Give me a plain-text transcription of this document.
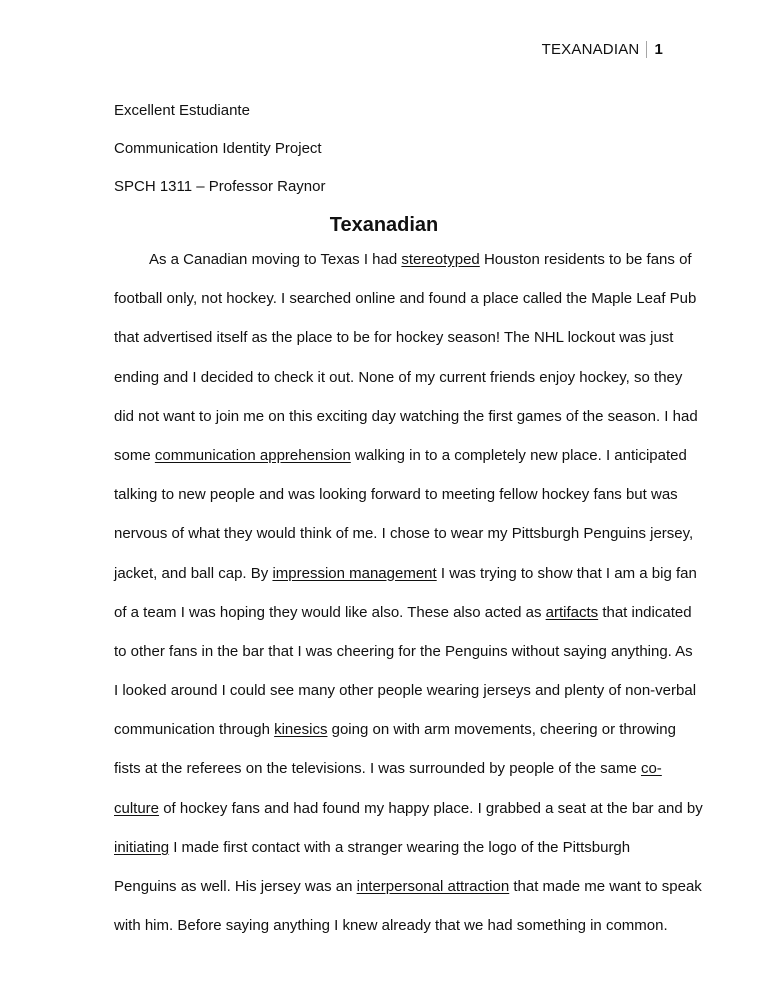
TEXANADIAN	1
Excellent Estudiante
Communication Identity Project
SPCH 1311 – Professor Raynor
Texanadian
As a Canadian moving to Texas I had stereotyped Houston residents to be fans of
football only, not hockey. I searched online and found a place called the Maple Leaf Pub
that advertised itself as the place to be for hockey season! The NHL lockout was just
ending and I decided to check it out. None of my current friends enjoy hockey, so they
did not want to join me on this exciting day watching the first games of the season. I had
some communication apprehension walking in to a completely new place. I anticipated
talking to new people and was looking forward to meeting fellow hockey fans but was
nervous of what they would think of me. I chose to wear my Pittsburgh Penguins jersey,
jacket, and ball cap. By impression management I was trying to show that I am a big fan
of a team I was hoping they would like also. These also acted as artifacts that indicated
to other fans in the bar that I was cheering for the Penguins without saying anything. As
I looked around I could see many other people wearing jerseys and plenty of non-verbal
communication through kinesics going on with arm movements, cheering or throwing
fists at the referees on the televisions. I was surrounded by people of the same co-
culture of hockey fans and had found my happy place. I grabbed a seat at the bar and by
initiating I made first contact with a stranger wearing the logo of the Pittsburgh
Penguins as well. His jersey was an interpersonal attraction that made me want to speak
with him. Before saying anything I knew already that we had something in common.
